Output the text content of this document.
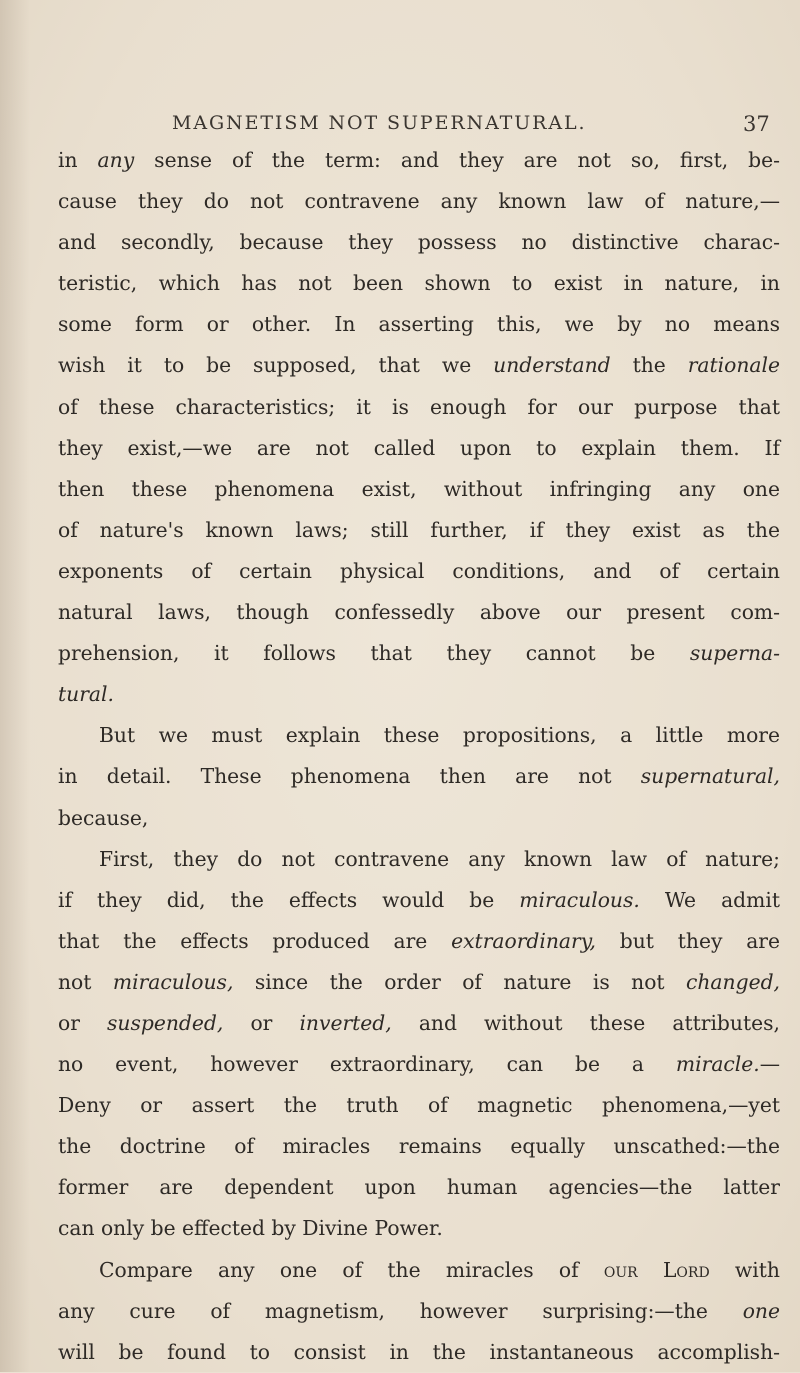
MAGNETISM NOT SUPERNATURAL.	37
in any sense of the term: and they are not so, first, be-
cause they do not contravene any known law of nature,—
and secondly, because they possess no distinctive charac-
teristic, which has not been shown to exist in nature, in
some form or other. In asserting this, we by no means
wish it to be supposed, that we understand the rationale
of these characteristics; it is enough for our purpose that
they exist,—we are not called upon to explain them. If
then these phenomena exist, without infringing any one
of nature's known laws; still further, if they exist as the
exponents of certain physical conditions, and of certain
natural laws, though confessedly above our present com-
prehension, it follows that they cannot be superna-
tural.
But we must explain these propositions, a little more
in detail. These phenomena then are not supernatural,
because,
First, they do not contravene any known law of nature;
if they did, the effects would be miraculous. We admit
that the effects produced are extraordinary, but they are
not miraculous, since the order of nature is not changed,
or suspended, or inverted, and without these attributes,
no event, however extraordinary, can be a miracle.—
Deny or assert the truth of magnetic phenomena,—yet
the doctrine of miracles remains equally unscathed:—the
former are dependent upon human agencies—the latter
can only be effected by Divine Power.
Compare any one of the miracles of our Lord with
any cure of magnetism, however surprising:—the one
will be found to consist in the instantaneous accomplish-
